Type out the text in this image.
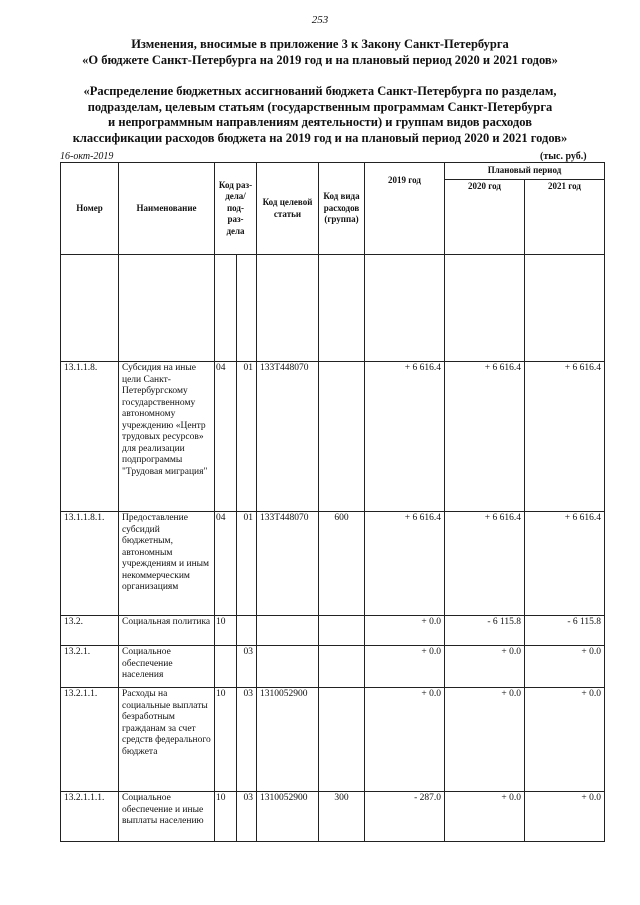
253
Изменения, вносимые в приложение 3 к Закону Санкт-Петербурга
«О бюджете Санкт-Петербурга на 2019 год и на плановый период 2020 и 2021 годов»
«Распределение бюджетных ассигнований бюджета Санкт-Петербурга по разделам,
подразделам, целевым статьям (государственным программам Санкт-Петербурга
и непрограммным направлениям деятельности) и группам видов расходов
классификации расходов бюджета на 2019 год и на плановый период 2020 и 2021 годов»
16-окт-2019	(тыс. руб.)
Номер	Наименование	Код раз- дела/ под- раз- дела		Код целевой статьи	Код вида расходов (группа)	2019 год	Плановый период	
							2020 год	2021 год

13.1.1.8.	Субсидия на иные цели Санкт-Петербургскому государственному автономному учреждению «Центр трудовых ресурсов» для реализации подпрограммы "Трудовая миграция"	04	01	133Т448070		+ 6 616.4	+ 6 616.4	+ 6 616.4
13.1.1.8.1.	Предоставление субсидий бюджетным, автономным учреждениям и иным некоммерческим организациям	04	01	133Т448070	600	+ 6 616.4	+ 6 616.4	+ 6 616.4
13.2.	Социальная политика	10				+ 0.0	- 6 115.8	- 6 115.8
13.2.1.	Социальное обеспечение населения		03			+ 0.0	+ 0.0	+ 0.0
13.2.1.1.	Расходы на социальные выплаты безработным гражданам за счет средств федерального бюджета	10	03	1310052900		+ 0.0	+ 0.0	+ 0.0
13.2.1.1.1.	Социальное обеспечение и иные выплаты населению	10	03	1310052900	300	- 287.0	+ 0.0	+ 0.0
